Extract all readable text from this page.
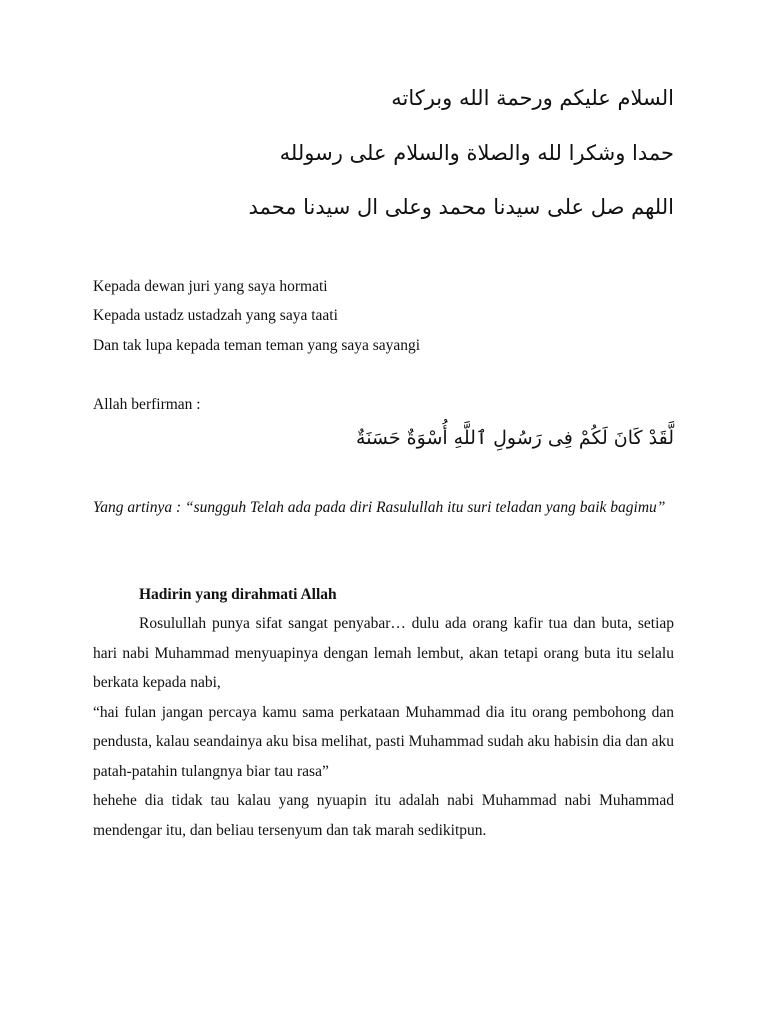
السلام عليكم ورحمة الله وبركاته
حمدا وشكرا لله والصلاة والسلام على رسولله
اللهم صل على سيدنا محمد وعلى ال سيدنا محمد
Kepada dewan juri yang saya hormati
Kepada ustadz ustadzah yang saya taati
Dan tak lupa kepada teman teman yang saya sayangi
Allah berfirman :
لَّقَدْ كَانَ لَكُمْ فِى رَسُولِ ٱللَّهِ أُسْوَةٌ حَسَنَةٌ
Yang artinya : “sungguh Telah ada pada diri Rasulullah itu suri teladan yang baik bagimu”
Hadirin yang dirahmati Allah

Rosulullah punya sifat sangat penyabar… dulu ada orang kafir tua dan buta, setiap hari nabi Muhammad menyuapinya dengan lemah lembut, akan tetapi orang buta itu selalu berkata kepada nabi,

“hai fulan jangan percaya kamu sama perkataan Muhammad dia itu orang pembohong dan pendusta, kalau seandainya aku bisa melihat, pasti Muhammad sudah aku habisin dia dan aku patah-patahin tulangnya biar tau rasa”

hehehe dia tidak tau kalau yang nyuapin itu adalah nabi Muhammad nabi Muhammad mendengar itu, dan beliau tersenyum dan tak marah sedikitpun.
